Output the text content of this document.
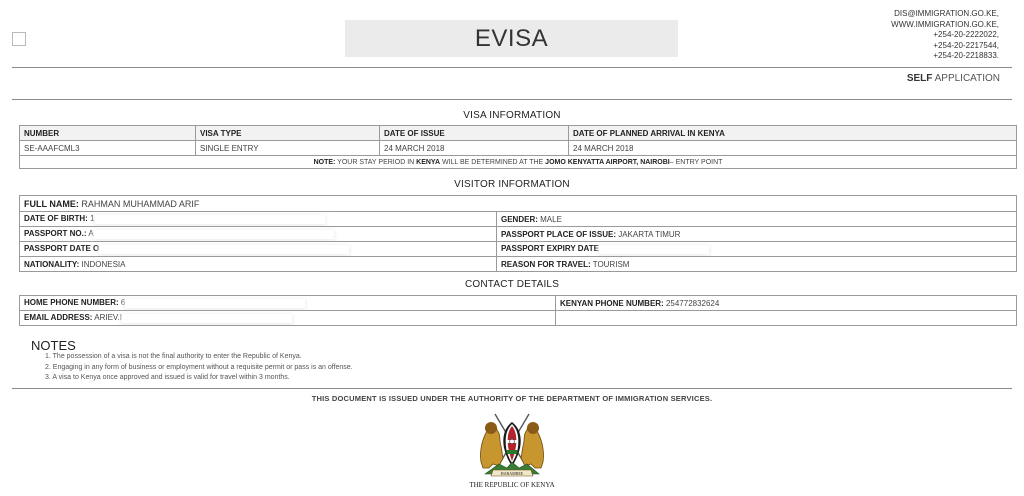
EVISA
DIS@IMMIGRATION.GO.KE,
WWW.IMMIGRATION.GO.KE,
+254-20-2222022,
+254-20-2217544,
+254-20-2218833.
SELF APPLICATION
VISA INFORMATION
NUMBER	VISA TYPE	DATE OF ISSUE	DATE OF PLANNED ARRIVAL IN KENYA
SE-AAAFCML3	SINGLE ENTRY	24 MARCH 2018	24 MARCH 2018
NOTE: YOUR STAY PERIOD IN KENYA WILL BE DETERMINED AT THE JOMO KENYATTA AIRPORT, NAIROBI– ENTRY POINT			
VISITOR INFORMATION
FULL NAME: RAHMAN MUHAMMAD ARIF	
DATE OF BIRTH: 1	GENDER: MALE
PASSPORT NO.: A	PASSPORT PLACE OF ISSUE: JAKARTA TIMUR
PASSPORT DATE O	PASSPORT EXPIRY DATE
NATIONALITY: INDONESIA	REASON FOR TRAVEL: TOURISM
CONTACT DETAILS
HOME PHONE NUMBER: 6	KENYAN PHONE NUMBER: 254772832624
EMAIL ADDRESS: ARIEV.I	
NOTES
1. The possession of a visa is not the final authority to enter the Republic of Kenya.
2. Engaging in any form of business or employment without a requisite permit or pass is an offense.
3. A visa to Kenya once approved and issued is valid for travel within 3 months.
THIS DOCUMENT IS ISSUED UNDER THE AUTHORITY OF THE DEPARTMENT OF IMMIGRATION SERVICES.
HARAMBEE
THE REPUBLIC OF KENYA
